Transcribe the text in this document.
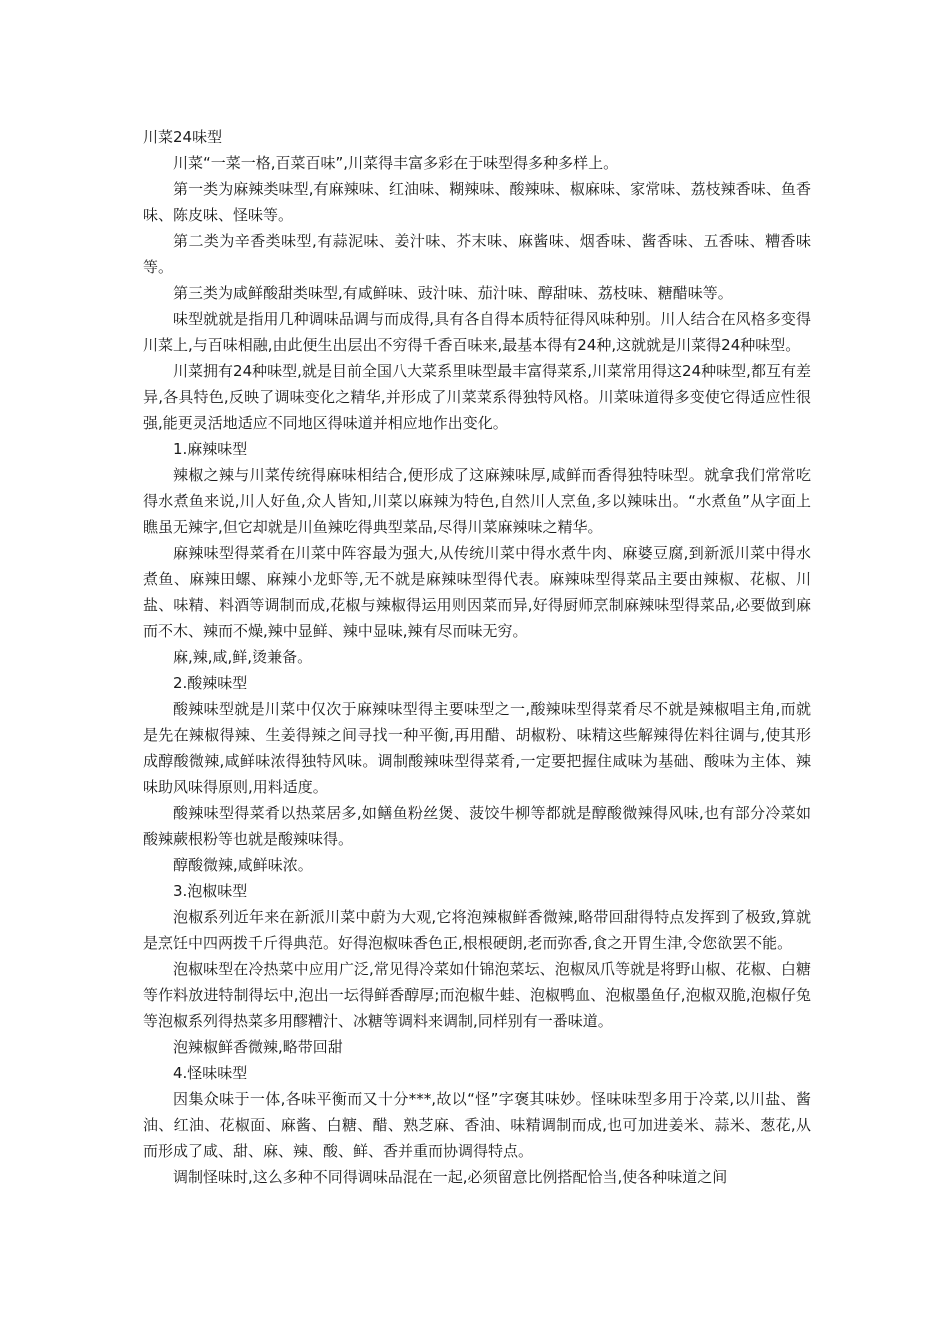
川菜24味型

川菜“一菜一格,百菜百味”,川菜得丰富多彩在于味型得多种多样上。

第一类为麻辣类味型,有麻辣味、红油味、糊辣味、酸辣味、椒麻味、家常味、荔枝辣香味、鱼香味、陈皮味、怪味等。

第二类为辛香类味型,有蒜泥味、姜汁味、芥末味、麻酱味、烟香味、酱香味、五香味、糟香味等。

第三类为咸鲜酸甜类味型,有咸鲜味、豉汁味、茄汁味、醇甜味、荔枝味、糖醋味等。

味型就就是指用几种调味品调与而成得,具有各自得本质特征得风味种别。川人结合在风格多变得川菜上,与百味相融,由此便生出层出不穷得千香百味来,最基本得有24种,这就就是川菜得24种味型。

川菜拥有24种味型,就是目前全国八大菜系里味型最丰富得菜系,川菜常用得这24种味型,都互有差异,各具特色,反映了调味变化之精华,并形成了川菜菜系得独特风格。川菜味道得多变使它得适应性很强,能更灵活地适应不同地区得味道并相应地作出变化。

1.麻辣味型

辣椒之辣与川菜传统得麻味相结合,便形成了这麻辣味厚,咸鲜而香得独特味型。就拿我们常常吃得水煮鱼来说,川人好鱼,众人皆知,川菜以麻辣为特色,自然川人烹鱼,多以辣味出。“水煮鱼”从字面上瞧虽无辣字,但它却就是川鱼辣吃得典型菜品,尽得川菜麻辣味之精华。

麻辣味型得菜肴在川菜中阵容最为强大,从传统川菜中得水煮牛肉、麻婆豆腐,到新派川菜中得水煮鱼、麻辣田螺、麻辣小龙虾等,无不就是麻辣味型得代表。麻辣味型得菜品主要由辣椒、花椒、川盐、味精、料酒等调制而成,花椒与辣椒得运用则因菜而异,好得厨师烹制麻辣味型得菜品,必要做到麻而不木、辣而不燥,辣中显鲜、辣中显味,辣有尽而味无穷。

麻,辣,咸,鲜,烫兼备。

2.酸辣味型

酸辣味型就是川菜中仅次于麻辣味型得主要味型之一,酸辣味型得菜肴尽不就是辣椒唱主角,而就是先在辣椒得辣、生姜得辣之间寻找一种平衡,再用醋、胡椒粉、味精这些解辣得佐料往调与,使其形成醇酸微辣,咸鲜味浓得独特风味。调制酸辣味型得菜肴,一定要把握住咸味为基础、酸味为主体、辣味助风味得原则,用料适度。

酸辣味型得菜肴以热菜居多,如鳝鱼粉丝煲、菠饺牛柳等都就是醇酸微辣得风味,也有部分冷菜如酸辣蕨根粉等也就是酸辣味得。

醇酸微辣,咸鲜味浓。

3.泡椒味型

泡椒系列近年来在新派川菜中蔚为大观,它将泡辣椒鲜香微辣,略带回甜得特点发挥到了极致,算就是烹饪中四两拨千斤得典范。好得泡椒味香色正,根根硬朗,老而弥香,食之开胃生津,令您欲罢不能。

泡椒味型在冷热菜中应用广泛,常见得冷菜如什锦泡菜坛、泡椒凤爪等就是将野山椒、花椒、白糖等作料放进特制得坛中,泡出一坛得鲜香醇厚;而泡椒牛蛙、泡椒鸭血、泡椒墨鱼仔,泡椒双脆,泡椒仔兔等泡椒系列得热菜多用醪糟汁、冰糖等调料来调制,同样别有一番味道。

泡辣椒鲜香微辣,略带回甜

4.怪味味型

因集众味于一体,各味平衡而又十分***,故以“怪”字褒其味妙。怪味味型多用于冷菜,以川盐、酱油、红油、花椒面、麻酱、白糖、醋、熟芝麻、香油、味精调制而成,也可加进姜米、蒜米、葱花,从而形成了咸、甜、麻、辣、酸、鲜、香并重而协调得特点。

调制怪味时,这么多种不同得调味品混在一起,必须留意比例搭配恰当,使各种味道之间
